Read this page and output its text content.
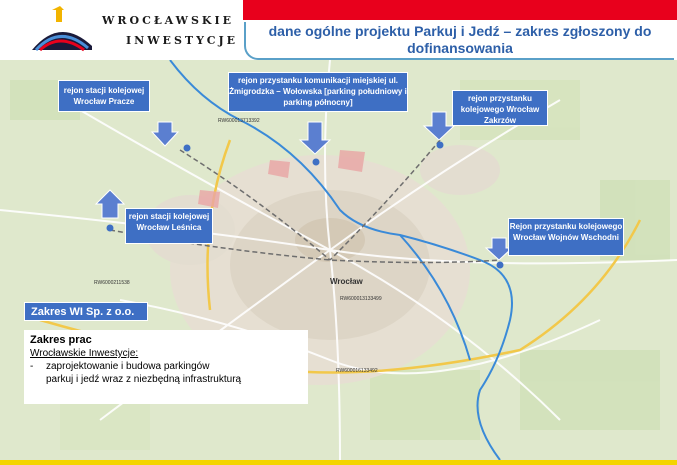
WROCŁAWSKIE
INWESTYCJE
dane ogólne projektu Parkuj i Jedź – zakres zgłoszony do
dofinansowania
Wrocław
RW600013713392
RW600013133499
RW600016133492
RW6000211538
rejon stacji kolejowej Wrocław Pracze
rejon przystanku komunikacji miejskiej ul. Żmigrodzka – Wołowska [parking południowy i parking północny]	rejon przystanku kolejowego Wrocław Zakrzów
rejon stacji kolejowej Wrocław Leśnica	Rejon przystanku kolejowego Wrocław Wojnów Wschodni
Zakres WI Sp. z o.o.
Zakres prac
Wrocławskie Inwestycje:
-	zaprojektowanie i budowa parkingów
parkuj i jedź wraz z niezbędną infrastrukturą
